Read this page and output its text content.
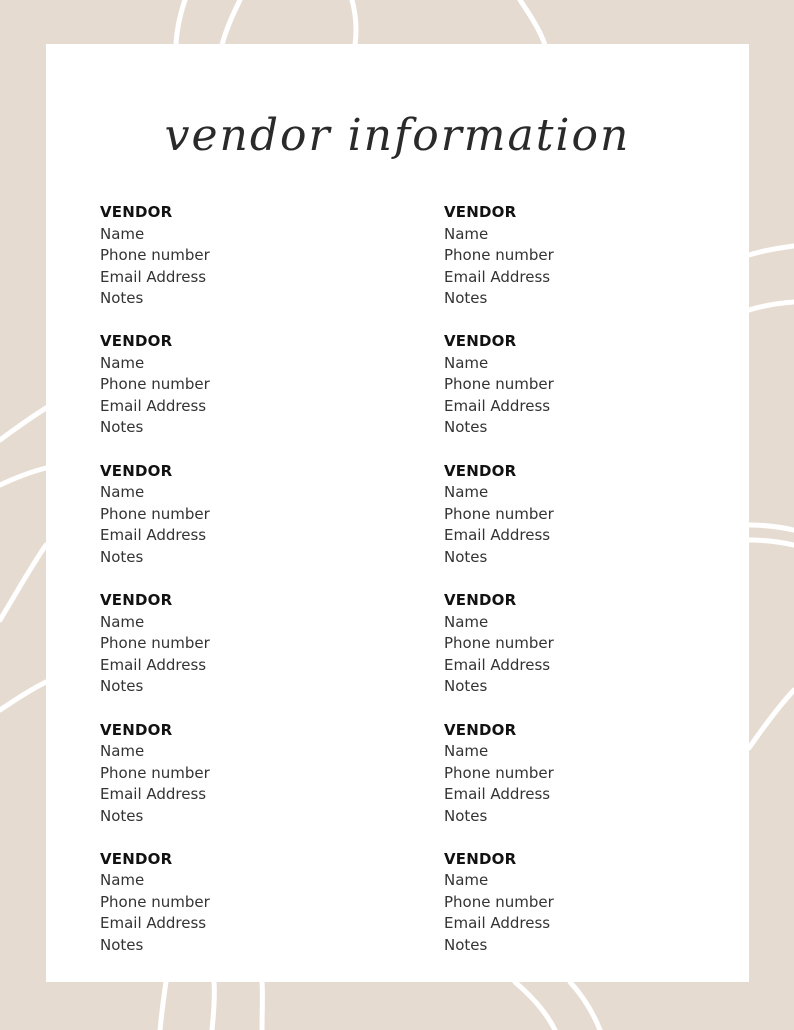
vendor information
VENDOR
Name
Phone number
Email Address
Notes
VENDOR
Name
Phone number
Email Address
Notes
VENDOR
Name
Phone number
Email Address
Notes
VENDOR
Name
Phone number
Email Address
Notes
VENDOR
Name
Phone number
Email Address
Notes
VENDOR
Name
Phone number
Email Address
Notes
VENDOR
Name
Phone number
Email Address
Notes
VENDOR
Name
Phone number
Email Address
Notes
VENDOR
Name
Phone number
Email Address
Notes
VENDOR
Name
Phone number
Email Address
Notes
VENDOR
Name
Phone number
Email Address
Notes
VENDOR
Name
Phone number
Email Address
Notes
